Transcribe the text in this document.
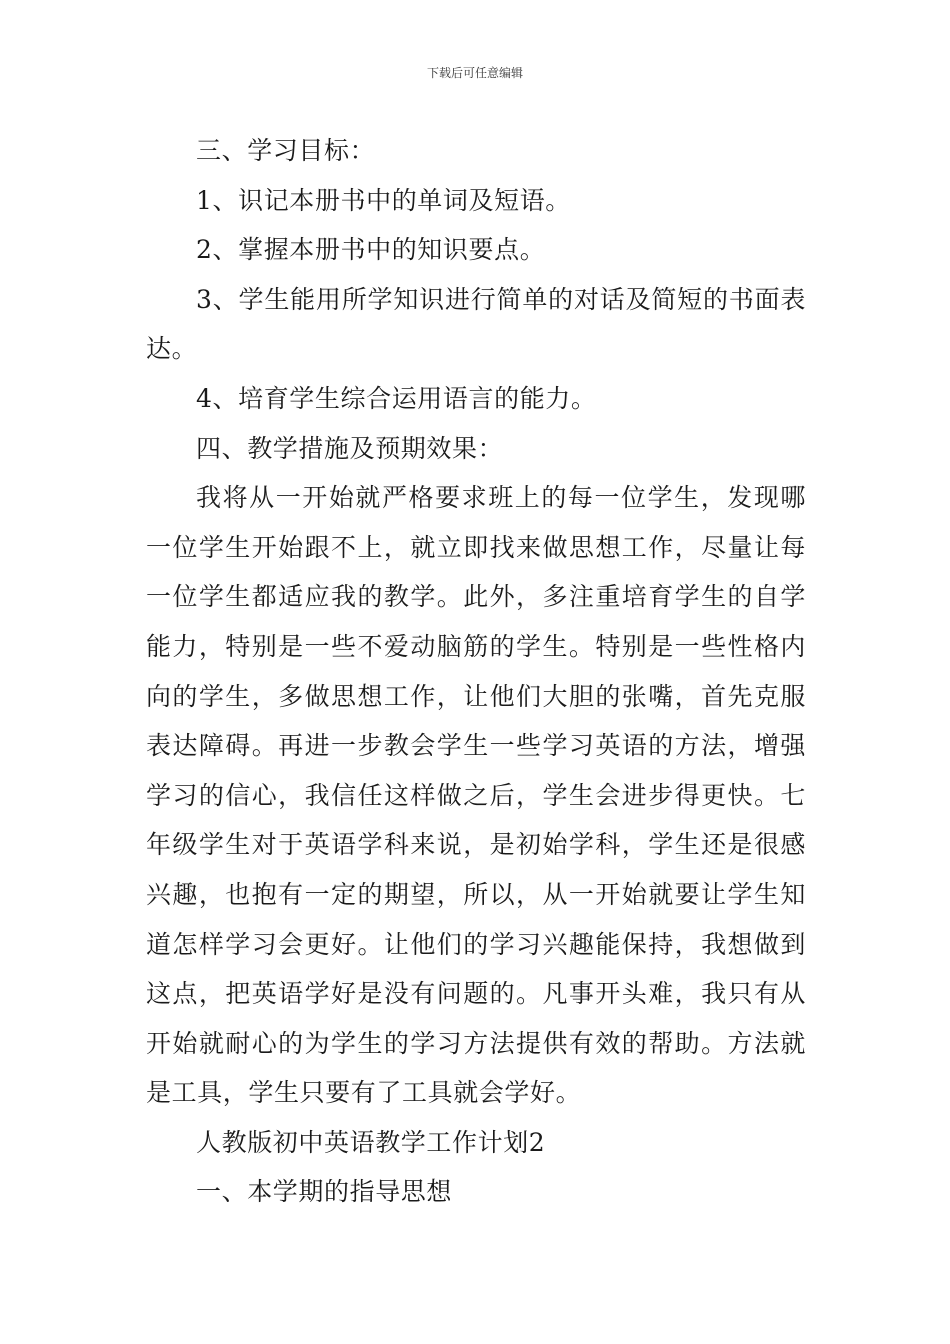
下载后可任意编辑

三、学习目标：

1、识记本册书中的单词及短语。

2、掌握本册书中的知识要点。

3、学生能用所学知识进行简单的对话及简短的书面表达。

4、培育学生综合运用语言的能力。

四、教学措施及预期效果：

我将从一开始就严格要求班上的每一位学生，发现哪一位学生开始跟不上，就立即找来做思想工作，尽量让每一位学生都适应我的教学。此外，多注重培育学生的自学能力，特别是一些不爱动脑筋的学生。特别是一些性格内向的学生，多做思想工作，让他们大胆的张嘴，首先克服表达障碍。再进一步教会学生一些学习英语的方法，增强学习的信心，我信任这样做之后，学生会进步得更快。七年级学生对于英语学科来说，是初始学科，学生还是很感兴趣，也抱有一定的期望，所以，从一开始就要让学生知道怎样学习会更好。让他们的学习兴趣能保持，我想做到这点，把英语学好是没有问题的。凡事开头难，我只有从开始就耐心的为学生的学习方法提供有效的帮助。方法就是工具，学生只要有了工具就会学好。

人教版初中英语教学工作计划2

一、本学期的指导思想
